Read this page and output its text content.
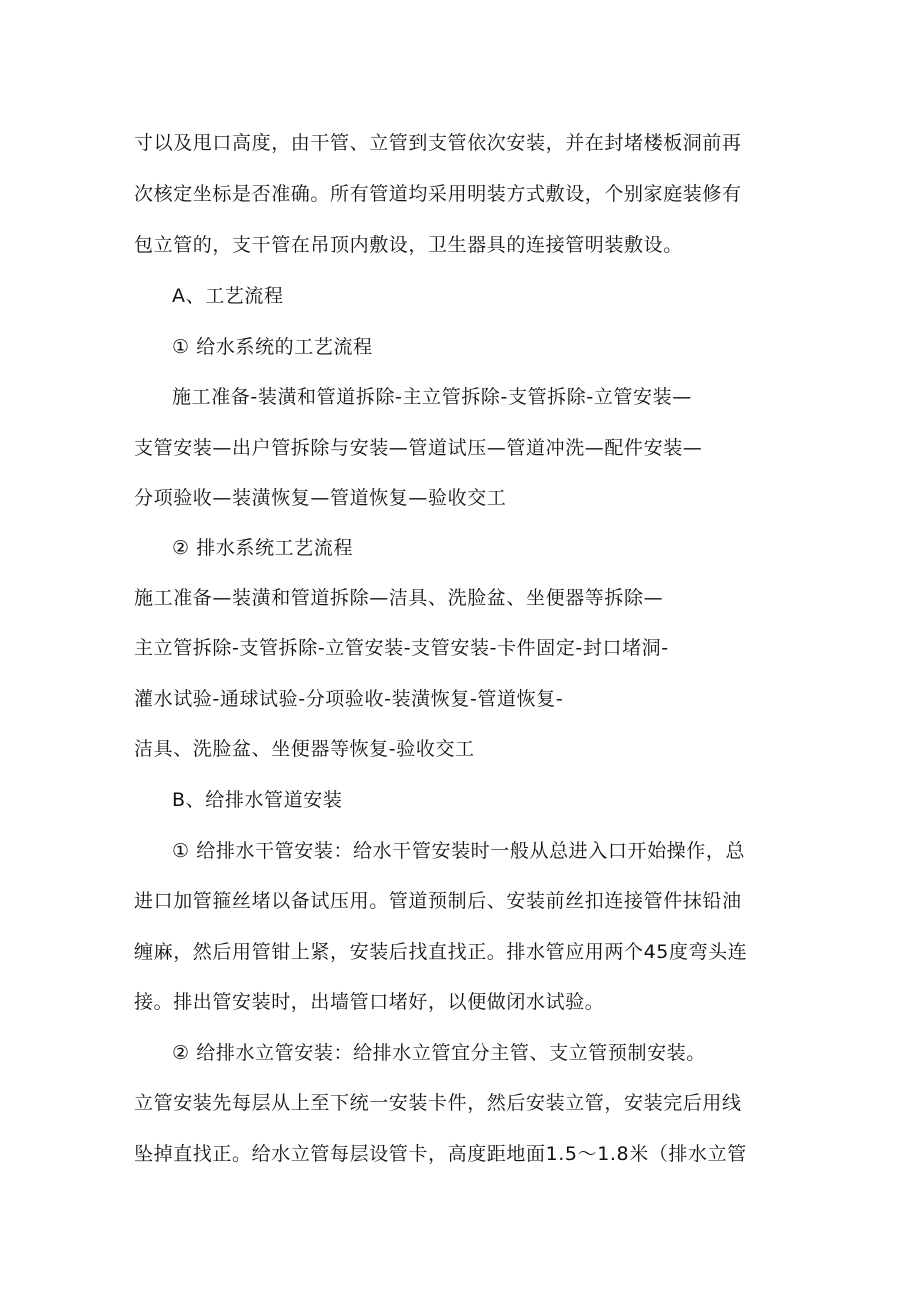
寸以及甩口高度，由干管、立管到支管依次安装，并在封堵楼板洞前再
次核定坐标是否准确。所有管道均采用明装方式敷设，个别家庭装修有
包立管的，支干管在吊顶内敷设，卫生器具的连接管明装敷设。
A、工艺流程
① 给水系统的工艺流程
施工准备-装潢和管道拆除-主立管拆除-支管拆除-立管安装—
支管安装—出户管拆除与安装—管道试压—管道冲洗—配件安装—
分项验收—装潢恢复—管道恢复—验收交工
② 排水系统工艺流程
施工准备—装潢和管道拆除—洁具、洗脸盆、坐便器等拆除—
主立管拆除-支管拆除-立管安装-支管安装-卡件固定-封口堵洞-
灌水试验-通球试验-分项验收-装潢恢复-管道恢复-
洁具、洗脸盆、坐便器等恢复-验收交工
B、给排水管道安装
① 给排水干管安装：给水干管安装时一般从总进入口开始操作，总
进口加管箍丝堵以备试压用。管道预制后、安装前丝扣连接管件抹铅油
缠麻，然后用管钳上紧，安装后找直找正。排水管应用两个45度弯头连
接。排出管安装时，出墙管口堵好，以便做闭水试验。
② 给排水立管安装：给排水立管宜分主管、支立管预制安装。
立管安装先每层从上至下统一安装卡件，然后安装立管，安装完后用线
坠掉直找正。给水立管每层设管卡，高度距地面1.5～1.8米（排水立管
